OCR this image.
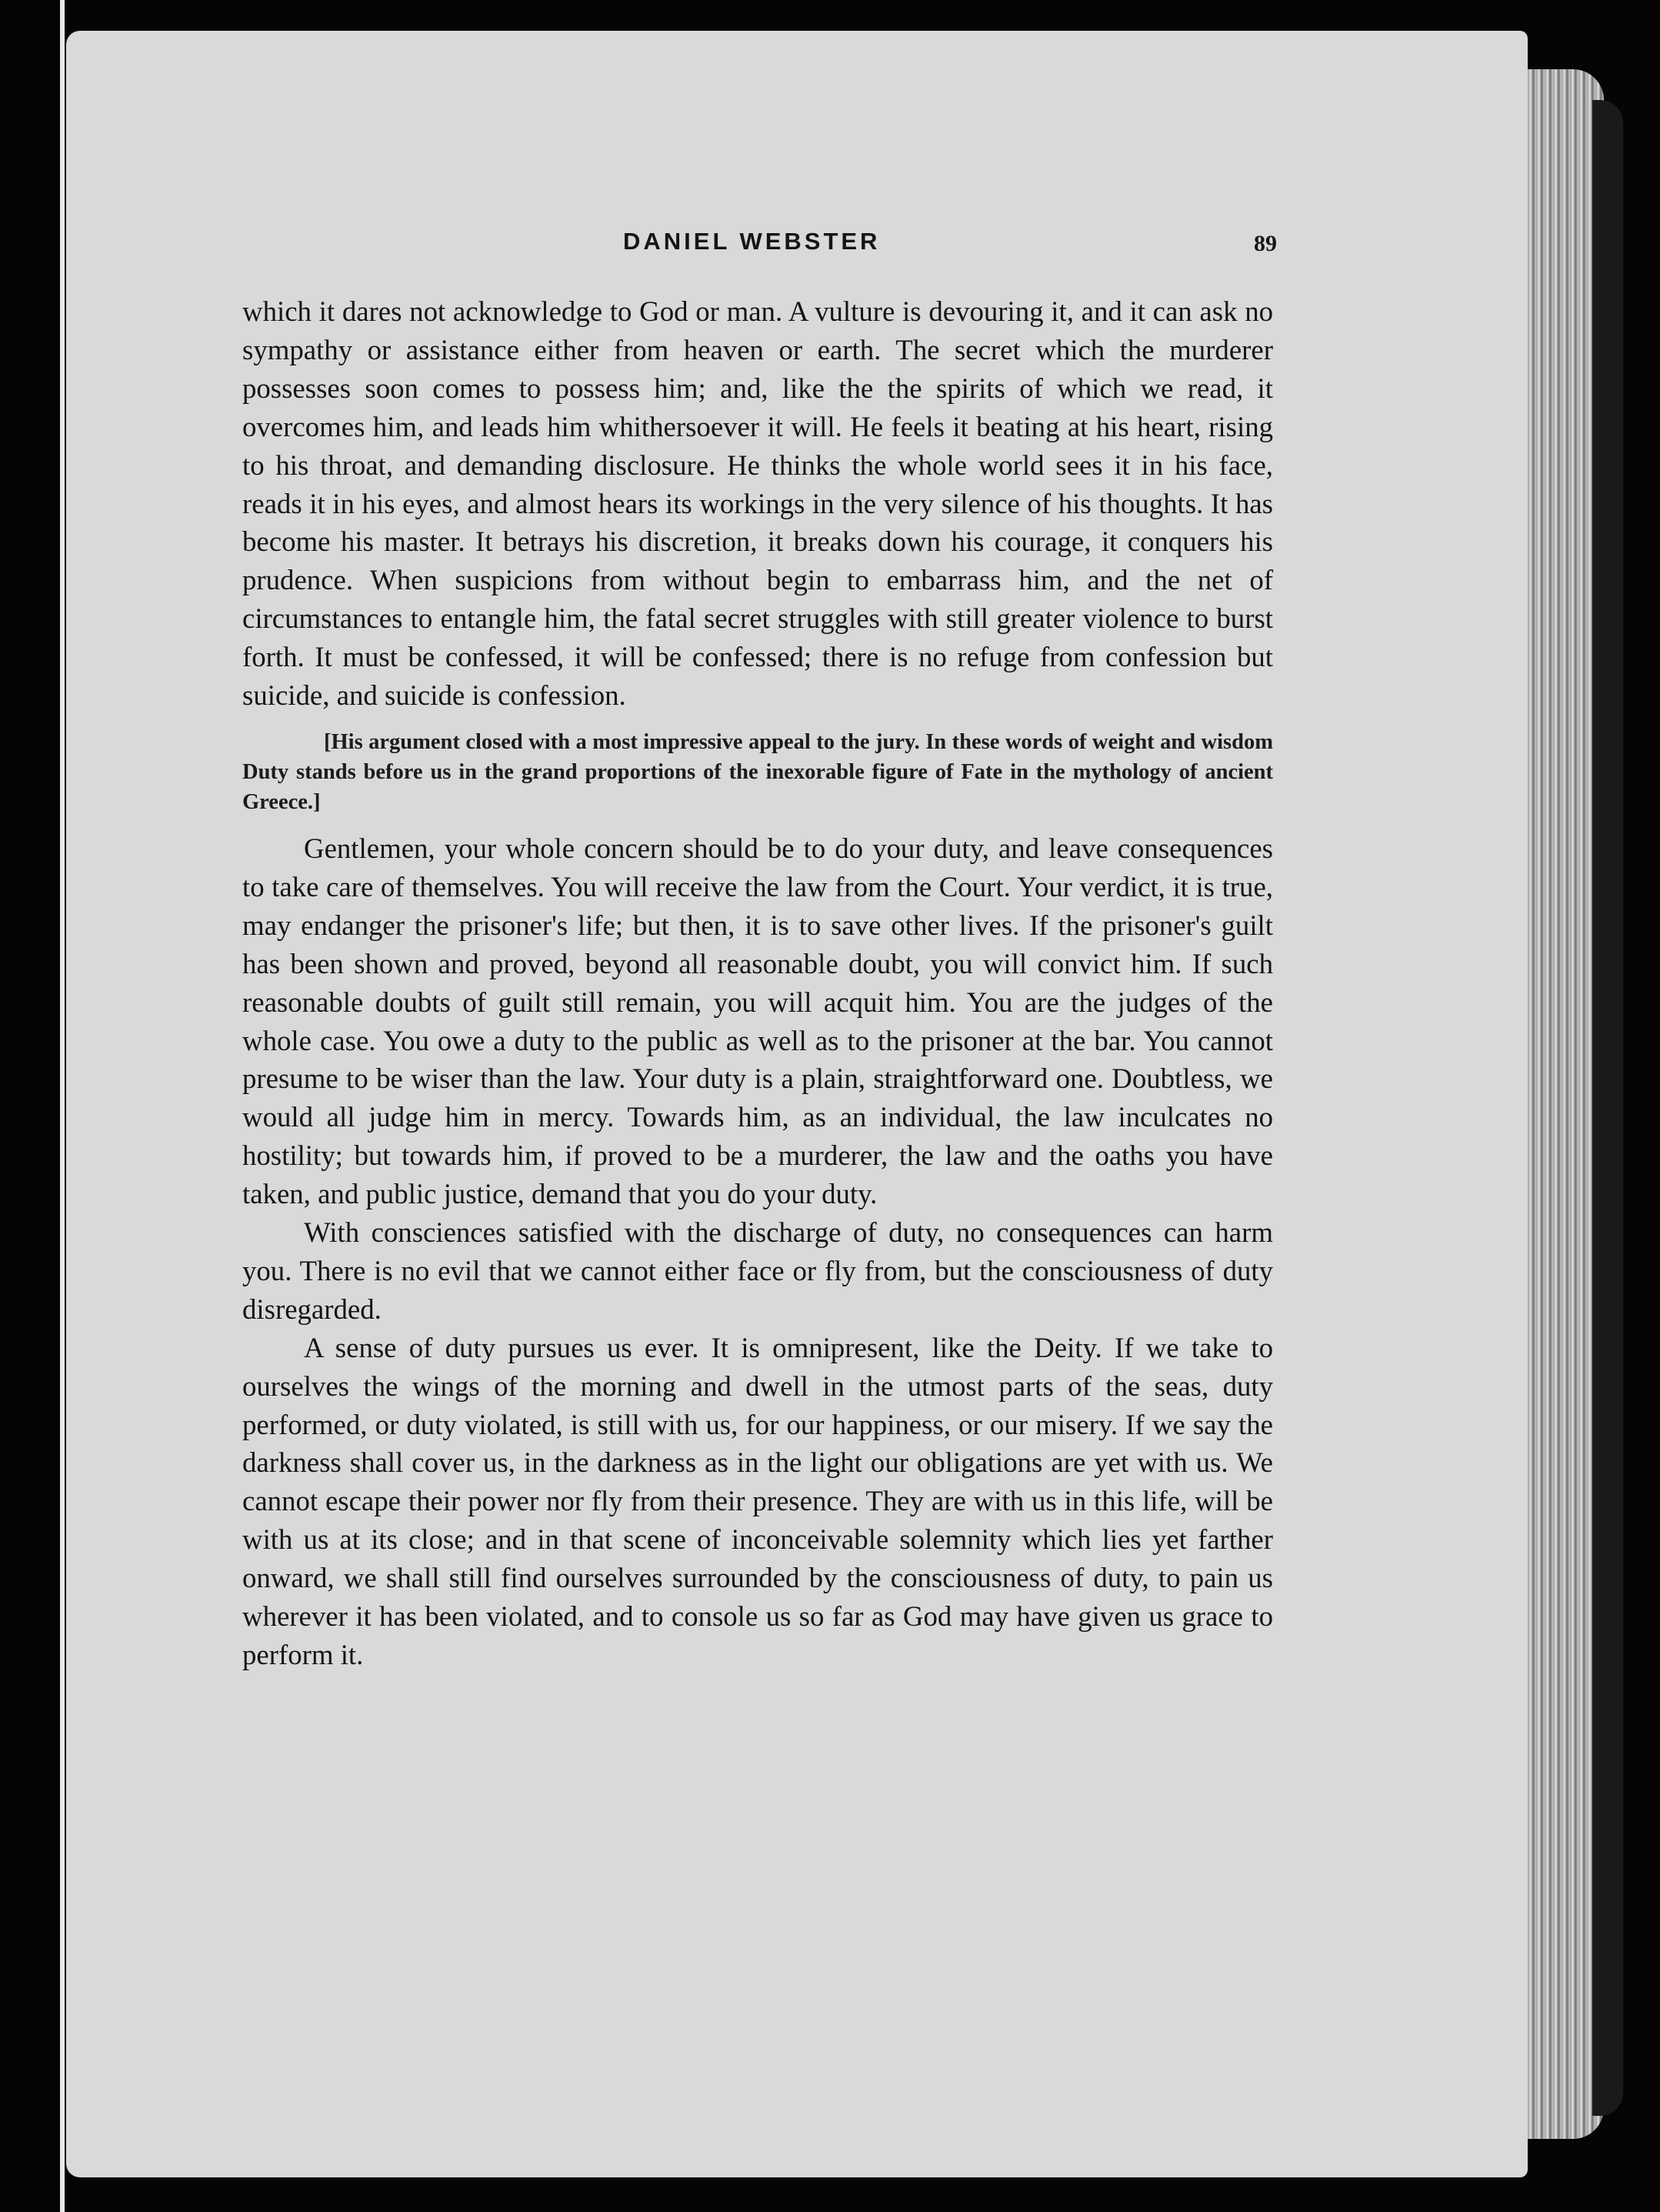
DANIEL WEBSTER	89

which it dares not acknowledge to God or man. A vulture is devouring it, and it can ask no sympathy or assistance either from heaven or earth. The secret which the murderer possesses soon comes to possess him; and, like the the spirits of which we read, it overcomes him, and leads him whithersoever it will. He feels it beating at his heart, rising to his throat, and demanding disclosure. He thinks the whole world sees it in his face, reads it in his eyes, and almost hears its workings in the very silence of his thoughts. It has become his master. It betrays his discretion, it breaks down his courage, it conquers his prudence. When suspicions from without begin to embarrass him, and the net of circumstances to entangle him, the fatal secret struggles with still greater violence to burst forth. It must be confessed, it will be confessed; there is no refuge from confession but suicide, and suicide is confession.

[His argument closed with a most impressive appeal to the jury. In these words of weight and wisdom Duty stands before us in the grand proportions of the inexorable figure of Fate in the mythology of ancient Greece.]

Gentlemen, your whole concern should be to do your duty, and leave consequences to take care of themselves. You will receive the law from the Court. Your verdict, it is true, may endanger the prisoner's life; but then, it is to save other lives. If the prisoner's guilt has been shown and proved, beyond all reasonable doubt, you will convict him. If such reasonable doubts of guilt still remain, you will acquit him. You are the judges of the whole case. You owe a duty to the public as well as to the prisoner at the bar. You cannot presume to be wiser than the law. Your duty is a plain, straightforward one. Doubtless, we would all judge him in mercy. Towards him, as an individual, the law inculcates no hostility; but towards him, if proved to be a murderer, the law and the oaths you have taken, and public justice, demand that you do your duty.

With consciences satisfied with the discharge of duty, no consequences can harm you. There is no evil that we cannot either face or fly from, but the consciousness of duty disregarded.

A sense of duty pursues us ever. It is omnipresent, like the Deity. If we take to ourselves the wings of the morning and dwell in the utmost parts of the seas, duty performed, or duty violated, is still with us, for our happiness, or our misery. If we say the darkness shall cover us, in the darkness as in the light our obligations are yet with us. We cannot escape their power nor fly from their presence. They are with us in this life, will be with us at its close; and in that scene of inconceivable solemnity which lies yet farther onward, we shall still find ourselves surrounded by the consciousness of duty, to pain us wherever it has been violated, and to console us so far as God may have given us grace to perform it.
